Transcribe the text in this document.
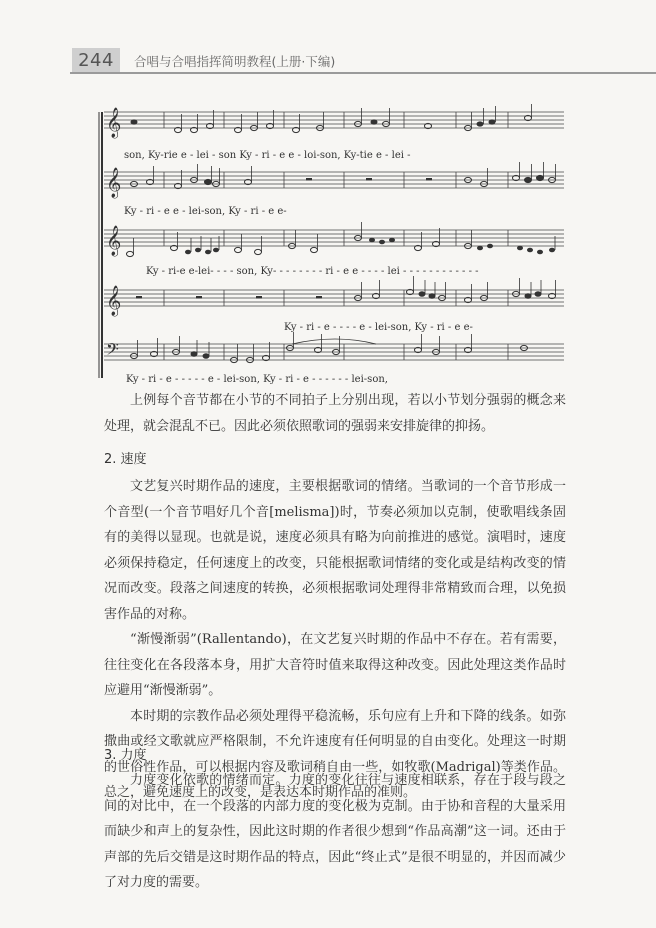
244	合唱与合唱指挥简明教程(上册·下编)
𝄞
son, Ky-rie e - lei - son Ky - ri - e e - loi-son, Ky-tie e - lei -
𝄞
Ky - ri - e e - lei-son, Ky - ri - e e-
𝄞
Ky - ri-e e-lei- - - - son, Ky- - - - - - - - ri - e e - - - - lei - - - - - - - - - - - -
𝄞
Ky - ri - e - - - - e - lei-son, Ky - ri - e e-
𝄢
Ky - ri - e - - - - - e - lei-son, Ky - ri - e - - - - - - lei-son,

上例每个音节都在小节的不同拍子上分别出现，若以小节划分强弱的概念来处理，就会混乱不已。因此必须依照歌词的强弱来安排旋律的抑扬。

2. 速度

文艺复兴时期作品的速度，主要根据歌词的情绪。当歌词的一个音节形成一个音型(一个音节唱好几个音[melisma])时，节奏必须加以克制，使歌唱线条固有的美得以显现。也就是说，速度必须具有略为向前推进的感觉。演唱时，速度必须保持稳定，任何速度上的改变，只能根据歌词情绪的变化或是结构改变的情况而改变。段落之间速度的转换，必须根据歌词处理得非常精致而合理，以免损害作品的对称。

“渐慢渐弱”(Rallentando)，在文艺复兴时期的作品中不存在。若有需要，往往变化在各段落本身，用扩大音符时值来取得这种改变。因此处理这类作品时应避用“渐慢渐弱”。

本时期的宗教作品必须处理得平稳流畅，乐句应有上升和下降的线条。如弥撒曲或经文歌就应严格限制，不允许速度有任何明显的自由变化。处理这一时期的世俗性作品，可以根据内容及歌词稍自由一些，如牧歌(Madrigal)等类作品。总之，避免速度上的改变，是表达本时期作品的准则。

3. 力度

力度变化依歌的情绪而定。力度的变化往往与速度相联系，存在于段与段之间的对比中，在一个段落的内部力度的变化极为克制。由于协和音程的大量采用而缺少和声上的复杂性，因此这时期的作者很少想到“作品高潮”这一词。还由于声部的先后交错是这时期作品的特点，因此“终止式”是很不明显的，并因而减少了对力度的需要。
